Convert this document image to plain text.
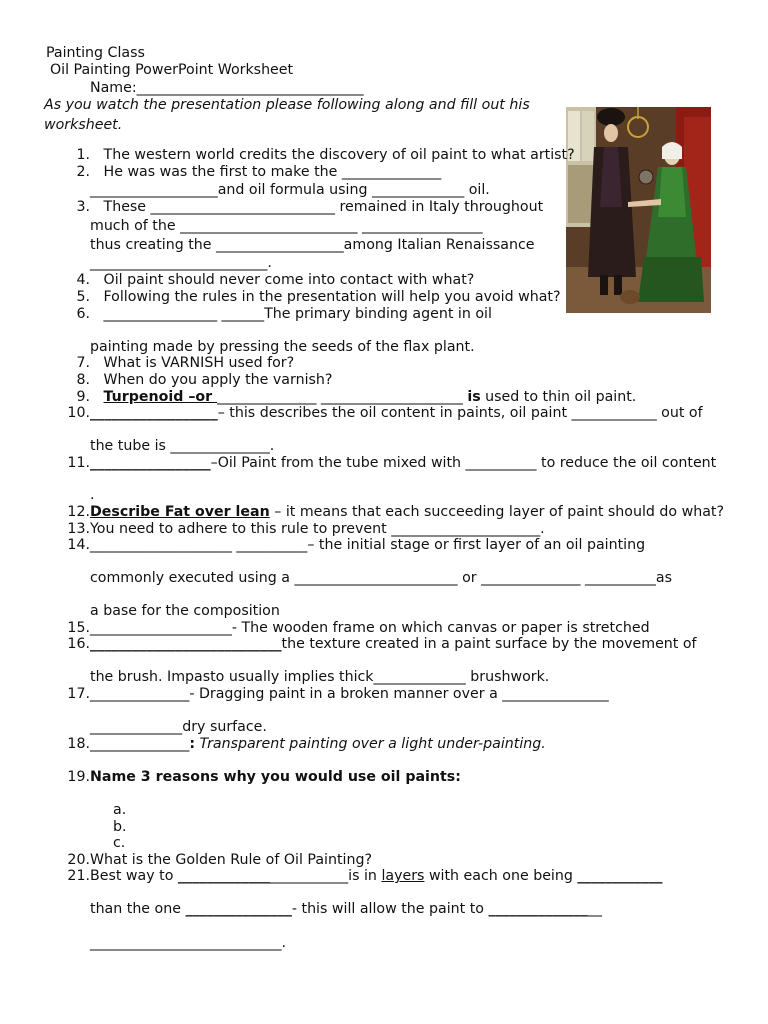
Painting Class
Oil Painting PowerPoint Worksheet
Name:________________________________
As you watch the presentation please following along and fill out his worksheet.
1. The western world credits the discovery of oil paint to what artist?
2. He was was the first to make the ______________
__________________and oil formula using _____________ oil.
3. These __________________________ remained in Italy throughout
much of the _________________________ _________________
thus creating the __________________among Italian Renaissance
_________________________.
4. Oil paint should never come into contact with what?
5. Following the rules in the presentation will help you avoid what?
6. ________________ ______The primary binding agent in oil
painting made by pressing the seeds of the flax plant.
7. What is VARNISH used for?
8. When do you apply the varnish?
9. Turpenoid –or ______________ ____________________ is used to thin oil paint.
10.__________________– this describes the oil content in paints, oil paint ____________ out of
the tube is ______________.
11._________________–Oil Paint from the tube mixed with __________ to reduce the oil content
.
12.Describe Fat over lean – it means that each succeeding layer of paint should do what?
13.You need to adhere to this rule to prevent _____________________.
14.____________________ __________– the initial stage or first layer of an oil painting
commonly executed using a _______________________ or ______________ __________as
a base for the composition
15.____________________- The wooden frame on which canvas or paper is stretched
16.___________________________the texture created in a paint surface by the movement of
the brush. Impasto usually implies thick_____________ brushwork.
17.______________- Dragging paint in a broken manner over a _______________
_____________dry surface.
18.______________: Transparent painting over a light under-painting.
19.Name 3 reasons why you would use oil paints:
a.
b.
c.
20.What is the Golden Rule of Oil Painting?
21.Best way to ________________________is in layers with each one being ____________
than the one _______________- this will allow the paint to ________________
___________________________.
